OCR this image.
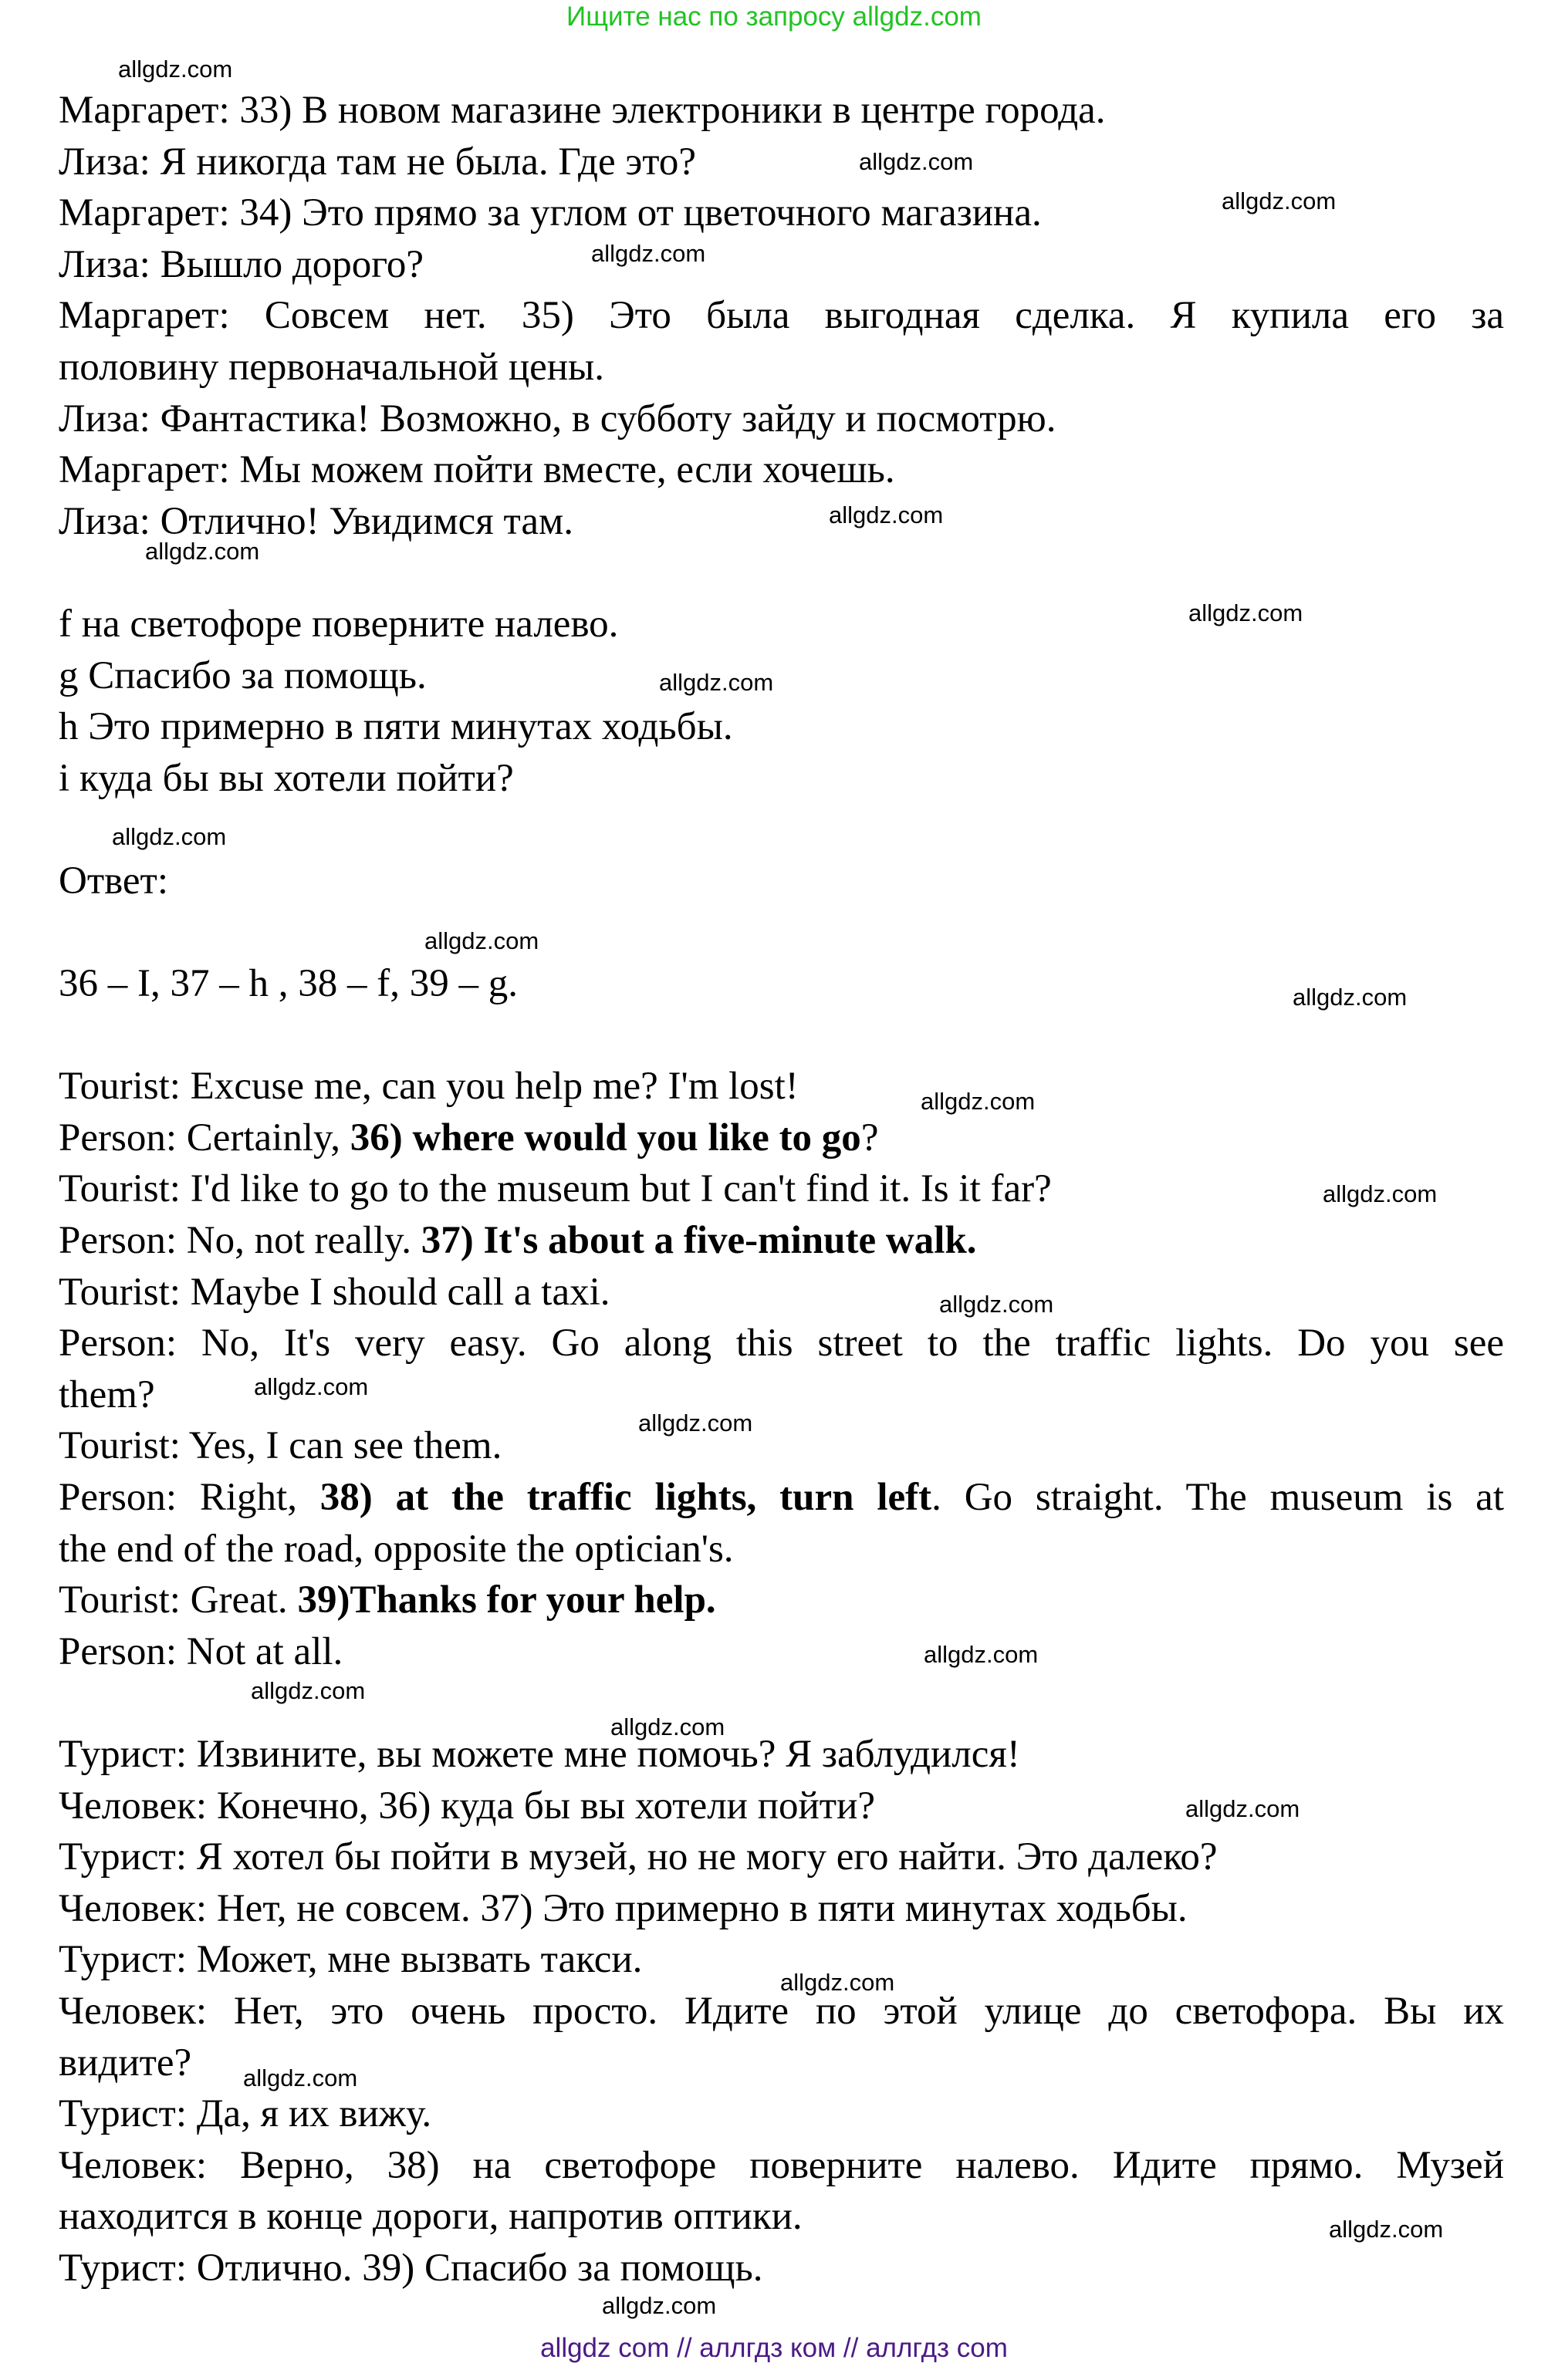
Ищите нас по запросу allgdz.com
Маргарет: 33) В новом магазине электроники в центре города.
Лиза: Я никогда там не была. Где это?
Маргарет: 34) Это прямо за углом от цветочного магазина.
Лиза: Вышло дорого?
Маргарет: Совсем нет. 35) Это была выгодная сделка. Я купила его за
половину первоначальной цены.
Лиза: Фантастика! Возможно, в субботу зайду и посмотрю.
Маргарет: Мы можем пойти вместе, если хочешь.
Лиза: Отлично! Увидимся там.
f на светофоре поверните налево.
g Спасибо за помощь.
h Это примерно в пяти минутах ходьбы.
i куда бы вы хотели пойти?
Ответ:
36 – I, 37 – h , 38 – f, 39 – g.
Tourist: Excuse me, can you help me? I'm lost!
Person: Certainly, 36) where would you like to go?
Tourist: I'd like to go to the museum but I can't find it. Is it far?
Person: No, not really. 37) It's about a five-minute walk.
Tourist: Maybe I should call a taxi.
Person: No, It's very easy. Go along this street to the traffic lights. Do you see
them?
Tourist: Yes, I can see them.
Person: Right, 38) at the traffic lights, turn left. Go straight. The museum is at
the end of the road, opposite the optician's.
Tourist: Great. 39)Thanks for your help.
Person: Not at all.
Турист: Извините, вы можете мне помочь? Я заблудился!
Человек: Конечно, 36) куда бы вы хотели пойти?
Турист: Я хотел бы пойти в музей, но не могу его найти. Это далеко?
Человек: Нет, не совсем. 37) Это примерно в пяти минутах ходьбы.
Турист: Может, мне вызвать такси.
Человек: Нет, это очень просто. Идите по этой улице до светофора. Вы их
видите?
Турист: Да, я их вижу.
Человек: Верно, 38) на светофоре поверните налево. Идите прямо. Музей
находится в конце дороги, напротив оптики.
Турист: Отлично. 39) Спасибо за помощь.
allgdz.com
allgdz.com
allgdz.com
allgdz.com
allgdz.com
allgdz.com
allgdz.com
allgdz.com
allgdz.com
allgdz.com
allgdz.com
allgdz.com
allgdz.com
allgdz.com
allgdz.com
allgdz.com
allgdz.com
allgdz.com
allgdz.com
allgdz.com
allgdz.com
allgdz.com
allgdz.com
allgdz.com
allgdz com // аллгдз ком // аллгдз com
